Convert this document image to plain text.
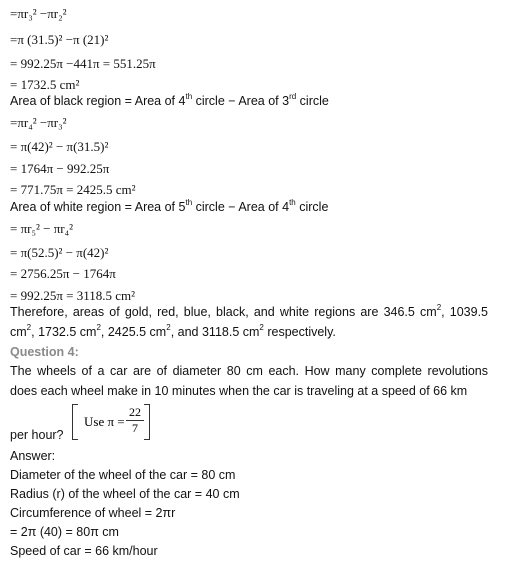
=πr₃² −πr₂²
=π (31.5)² −π (21)²
= 992.25π −441π = 551.25π
= 1732.5 cm²
Area of black region = Area of 4th circle − Area of 3rd circle
=πr₄² −πr₃²
= π(42)² − π(31.5)²
= 1764π − 992.25π
= 771.75π = 2425.5 cm²
Area of white region = Area of 5th circle − Area of 4th circle
= πr₅² − πr₄²
= π(52.5)² − π(42)²
= 2756.25π − 1764π
= 992.25π = 3118.5 cm²
Therefore, areas of gold, red, blue, black, and white regions are 346.5 $cm^2$, 1039.5 $cm^2$, 1732.5 $cm^2$, 2425.5 $cm^2$, and 3118.5 $cm^2$ respectively.
Question 4:
The wheels of a car are of diameter 80 cm each. How many complete revolutions does each wheel make in 10 minutes when the car is traveling at a speed of 66 km
Use $\pi = \frac{22}{7}$
per hour?
Answer:
Diameter of the wheel of the car = 80 cm
Radius (r) of the wheel of the car = 40 cm
Circumference of wheel = 2πr
= 2π (40) = 80π cm
Speed of car = 66 km/hour
